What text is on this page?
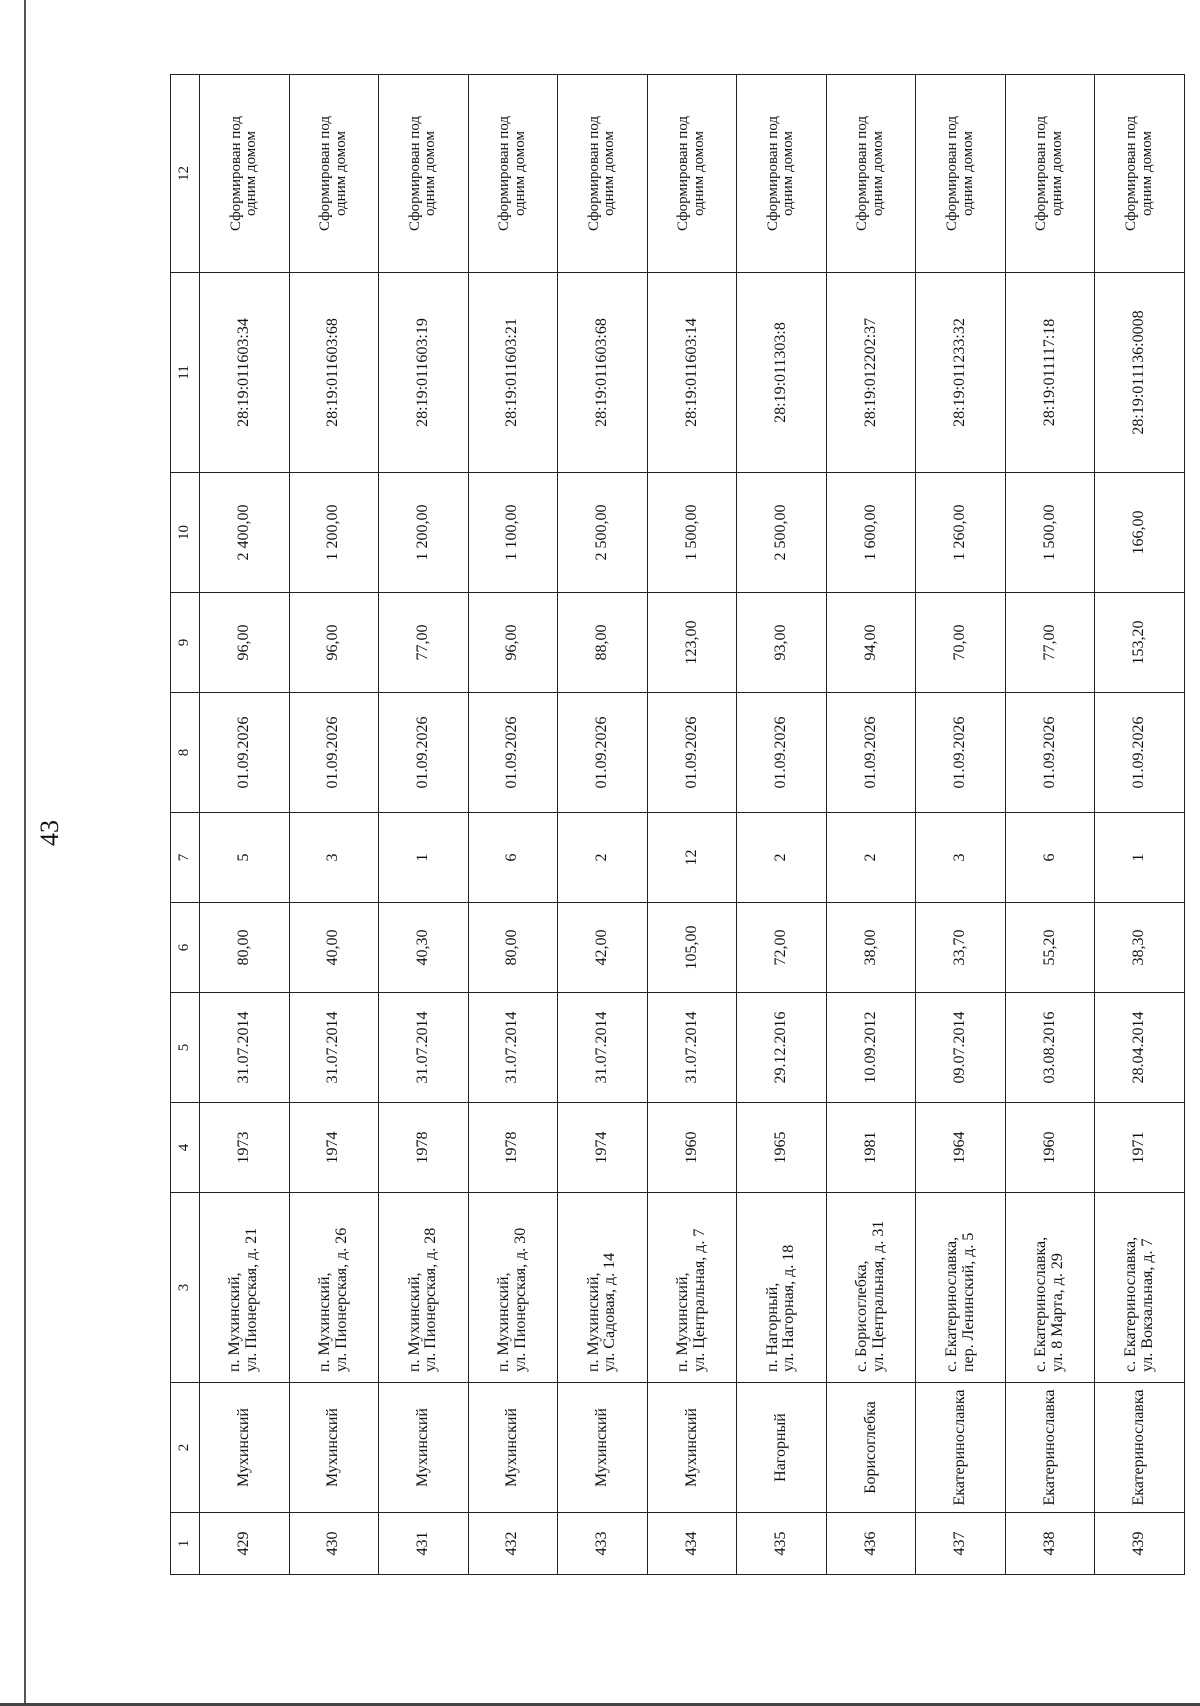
43
1	2	3	4	5	6	7	8	9	10	11	12
429	Мухинский	п. Мухинский,
ул. Пионерская, д. 21	1973	31.07.2014	80,00	5	01.09.2026	96,00	2 400,00	28:19:011603:34	Сформирован под
одним домом
430	Мухинский	п. Мухинский,
ул. Пионерская, д. 26	1974	31.07.2014	40,00	3	01.09.2026	96,00	1 200,00	28:19:011603:68	Сформирован под
одним домом
431	Мухинский	п. Мухинский,
ул. Пионерская, д. 28	1978	31.07.2014	40,30	1	01.09.2026	77,00	1 200,00	28:19:011603:19	Сформирован под
одним домом
432	Мухинский	п. Мухинский,
ул. Пионерская, д. 30	1978	31.07.2014	80,00	6	01.09.2026	96,00	1 100,00	28:19:011603:21	Сформирован под
одним домом
433	Мухинский	п. Мухинский,
ул. Садовая, д. 14	1974	31.07.2014	42,00	2	01.09.2026	88,00	2 500,00	28:19:011603:68	Сформирован под
одним домом
434	Мухинский	п. Мухинский,
ул. Центральная, д. 7	1960	31.07.2014	105,00	12	01.09.2026	123,00	1 500,00	28:19:011603:14	Сформирован под
одним домом
435	Нагорный	п. Нагорный,
ул. Нагорная, д. 18	1965	29.12.2016	72,00	2	01.09.2026	93,00	2 500,00	28:19:011303:8	Сформирован под
одним домом
436	Борисоглебка	с. Борисоглебка,
ул. Центральная, д. 31	1981	10.09.2012	38,00	2	01.09.2026	94,00	1 600,00	28:19:012202:37	Сформирован под
одним домом
437	Екатеринославка	с. Екатеринославка,
пер. Ленинский, д. 5	1964	09.07.2014	33,70	3	01.09.2026	70,00	1 260,00	28:19:011233:32	Сформирован под
одним домом
438	Екатеринославка	с. Екатеринославка,
ул. 8 Марта, д. 29	1960	03.08.2016	55,20	6	01.09.2026	77,00	1 500,00	28:19:011117:18	Сформирован под
одним домом
439	Екатеринославка	с. Екатеринославка,
ул. Вокзальная, д. 7	1971	28.04.2014	38,30	1	01.09.2026	153,20	166,00	28:19:011136:0008	Сформирован под
одним домом
